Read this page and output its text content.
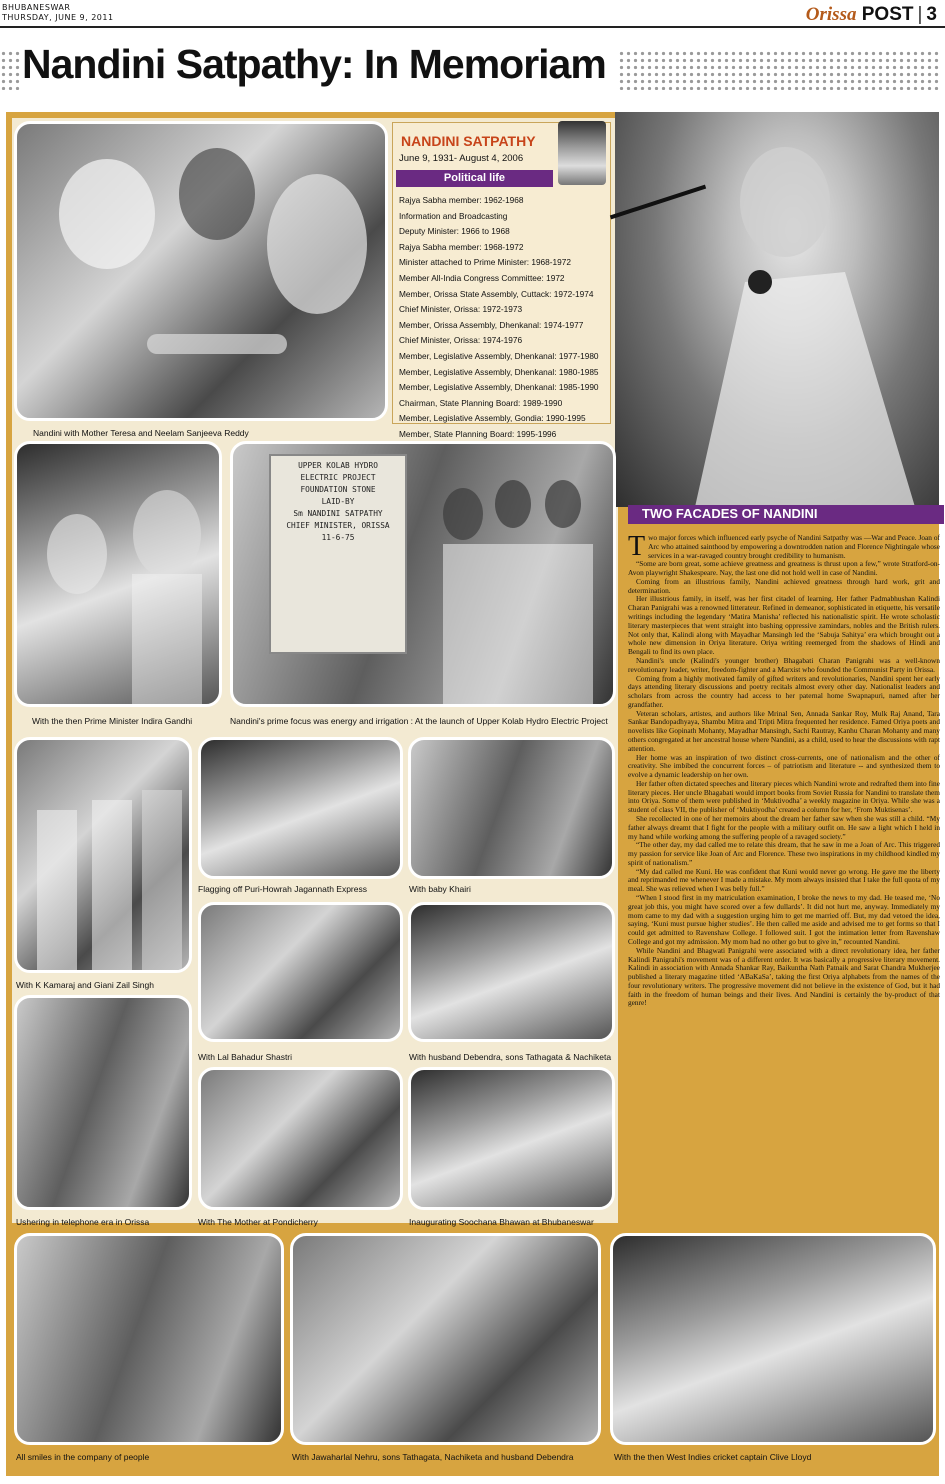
BHUBANESWAR
THURSDAY, JUNE 9, 2011	Orissa POST | 3
Nandini Satpathy: In Memoriam
Nandini with Mother Teresa and Neelam Sanjeeva Reddy
NANDINI SATPATHY
June 9, 1931- August 4, 2006
Political life
Rajya Sabha member: 1962-1968
Information and Broadcasting
Deputy Minister: 1966 to 1968
Rajya Sabha member: 1968-1972
Minister attached to Prime Minister: 1968-1972
Member All-India Congress Committee: 1972
Member, Orissa State Assembly, Cuttack: 1972-1974
Chief Minister, Orissa: 1972-1973
Member, Orissa Assembly, Dhenkanal: 1974-1977
Chief Minister, Orissa: 1974-1976
Member, Legislative Assembly, Dhenkanal: 1977-1980
Member, Legislative Assembly, Dhenkanal: 1980-1985
Member, Legislative Assembly, Dhenkanal: 1985-1990
Chairman, State Planning Board: 1989-1990
Member, Legislative Assembly, Gondia: 1990-1995
Member, State Planning Board: 1995-1996
With the then Prime Minister Indira Gandhi
UPPER KOLAB HYDRO
ELECTRIC PROJECT
FOUNDATION STONE
LAID-BY
Sm NANDINI SATPATHY
CHIEF MINISTER, ORISSA
11-6-75
Nandini's prime focus was energy and irrigation : At the launch of Upper Kolab Hydro Electric Project
TWO FACADES OF NANDINI

Two major forces which influenced early psyche of Nandini Satpathy was —War and Peace. Joan of Arc who attained sainthood by empowering a downtrodden nation and Florence Nightingale whose services in a war-ravaged country brought credibility to humanism.

“Some are born great, some achieve greatness and greatness is thrust upon a few,” wrote Stratford-on-Avon playwright Shakespeare. Nay, the last one did not hold well in case of Nandini.

Coming from an illustrious family, Nandini achieved greatness through hard work, grit and determination.

Her illustrious family, in itself, was her first citadel of learning. Her father Padmabhushan Kalindi Charan Panigrahi was a renowned litterateur. Refined in demeanor, sophisticated in etiquette, his versatile writings including the legendary ‘Matira Manisha’ reflected his nationalistic spirit. He wrote scholastic literary masterpieces that went straight into bashing oppressive zamindars, nobles and the British rulers. Not only that, Kalindi along with Mayadhar Mansingh led the ‘Sabuja Sahitya’ era which brought out a whole new dimension in Oriya literature. Oriya writing reemerged from the shadows of Hindi and Bengali to find its own place.

Nandini's uncle (Kalindi's younger brother) Bhagabati Charan Panigrahi was a well-known revolutionary leader, writer, freedom-fighter and a Marxist who founded the Communist Party in Orissa.

Coming from a highly motivated family of gifted writers and revolutionaries, Nandini spent her early days attending literary discussions and poetry recitals almost every other day. Nationalist leaders and scholars from across the country had access to her paternal home Swapnapuri, named after her grandfather.

Veteran scholars, artistes, and authors like Mrinal Sen, Annada Sankar Roy, Mulk Raj Anand, Tara Sankar Bandopadhyaya, Shambu Mitra and Tripti Mitra frequented her residence. Famed Oriya poets and novelists like Gopinath Mohanty, Mayadhar Mansingh, Sachi Rautray, Kanhu Charan Mohanty and many others congregated at her ancestral house where Nandini, as a child, used to hear the discussions with rapt attention.

Her home was an inspiration of two distinct cross-currents, one of nationalism and the other of creativity. She imbibed the concurrent forces – of patriotism and literature -- and synthesized them to evolve a dynamic leadership on her own.

Her father often dictated speeches and literary pieces which Nandini wrote and redrafted them into fine literary pieces. Her uncle Bhagabati would import books from Soviet Russia for Nandini to translate them into Oriya. Some of them were published in ‘Muktivodha’ a weekly magazine in Oriya. While she was a student of class VII, the publisher of ‘Muktiyodha’ created a column for her, ‘From Muktisenas’.

She recollected in one of her memoirs about the dream her father saw when she was still a child. “My father always dreamt that I fight for the people with a military outfit on. He saw a light which I held in my hand while working among the suffering people of a ravaged society.”

“The other day, my dad called me to relate this dream, that he saw in me a Joan of Arc. This triggered my passion for service like Joan of Arc and Florence. These two inspirations in my childhood kindled my spirit of nationalism.”

“My dad called me Kuni. He was confident that Kuni would never go wrong. He gave me the liberty and reprimanded me whenever I made a mistake. My mom always insisted that I take the full quota of my meal. She was relieved when I was belly full.”

“When I stood first in my matriculation examination, I broke the news to my dad. He teased me, ‘No great job this, you might have scored over a few dullards’. It did not hurt me, anyway. Immediately my mom came to my dad with a suggestion urging him to get me married off. But, my dad vetoed the idea, saying, ‘Kuni must pursue higher studies’. He then called me aside and advised me to get forms so that I could get admitted to Ravenshaw College. I followed suit. I got the intimation letter from Ravenshaw College and got my admission. My mom had no other go but to give in,” recounted Nandini.

While Nandini and Bhagwati Panigrahi were associated with a direct revolutionary idea, her father Kalindi Panigrahi's movement was of a different order. It was basically a progressive literary movement. Kalindi in association with Annada Shankar Ray, Baikuntha Nath Patnaik and Sarat Chandra Mukherjee published a literary magazine titled ‘ABaKaSa’, taking the first Oriya alphabets from the names of the four revolutionary writers. The progressive movement did not believe in the existence of God, but it had faith in the freedom of human beings and their lives. And Nandini is certainly the by-product of that genre!

With K Kamaraj and Giani Zail Singh
Flagging off Puri-Howrah Jagannath Express	With baby Khairi
With Lal Bahadur Shastri	With husband Debendra, sons Tathagata & Nachiketa
Ushering in telephone era in Orissa	With The Mother at Pondicherry	Inaugurating Soochana Bhawan at Bhubaneswar
All smiles in the company of people	With Jawaharlal Nehru, sons Tathagata, Nachiketa and husband Debendra	With the then West Indies cricket captain Clive Lloyd
